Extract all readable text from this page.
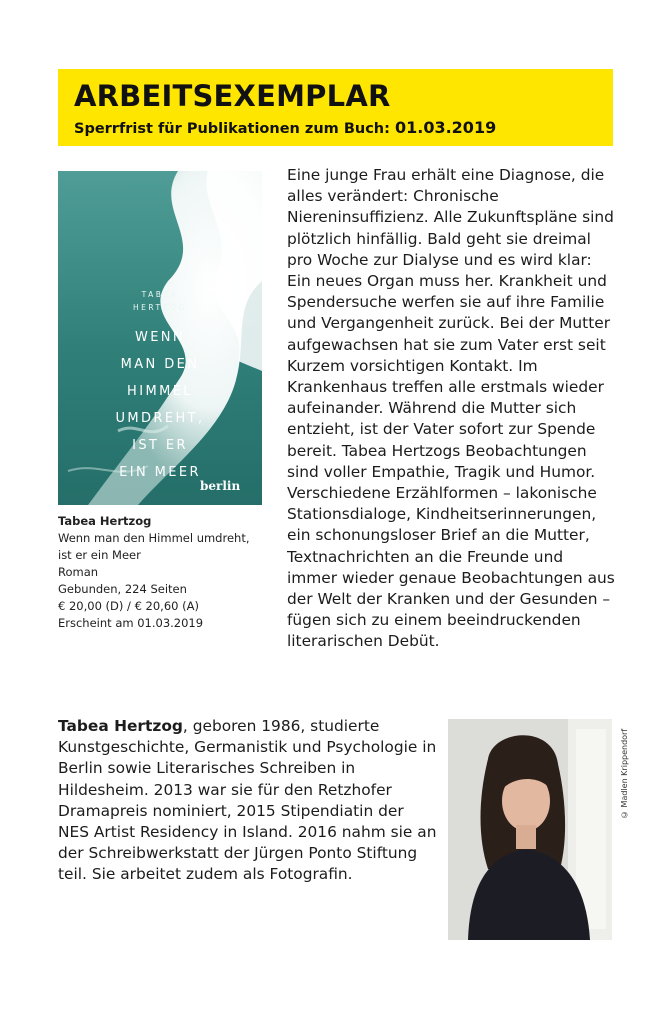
ARBEITSEXEMPLAR
Sperrfrist für Publikationen zum Buch: 01.03.2019
TABEA
HERTZOG
WENN
MAN DEN
HIMMEL
UMDREHT,
IST ER
EIN MEER
berlin
Tabea Hertzog
Wenn man den Himmel umdreht,
ist er ein Meer
Roman
Gebunden, 224 Seiten
€ 20,00 (D) / € 20,60 (A)
Erscheint am 01.03.2019

Eine junge Frau erhält eine Diagnose, die alles verändert: Chronische Niereninsuffizienz. Alle Zukunftspläne sind plötzlich hinfällig. Bald geht sie dreimal pro Woche zur Dialyse und es wird klar: Ein neues Organ muss her. Krankheit und Spendersuche werfen sie auf ihre Familie und Vergangenheit zurück. Bei der Mutter aufgewachsen hat sie zum Vater erst seit Kurzem vorsichtigen Kontakt. Im Krankenhaus treffen alle erstmals wieder aufeinander. Während die Mutter sich entzieht, ist der Vater sofort zur Spende bereit. Tabea Hertzogs Beobachtungen sind voller Empathie, Tragik und Humor. Verschiedene Erzählformen – lakonische Stationsdialoge, Kindheitserinnerungen, ein schonungsloser Brief an die Mutter, Textnachrichten an die Freunde und immer wieder genaue Beobachtungen aus der Welt der Kranken und der Gesunden – fügen sich zu einem beeindruckenden literarischen Debüt.

Tabea Hertzog, geboren 1986, studierte Kunstgeschichte, Germanistik und Psychologie in Berlin sowie Literarisches Schreiben in Hildesheim. 2013 war sie für den Retzhofer Dramapreis nominiert, 2015 Stipendiatin der NES Artist Residency in Island. 2016 nahm sie an der Schreibwerkstatt der Jürgen Ponto Stiftung teil. Sie arbeitet zudem als Fotografin.

© Madlen Krippendorf
